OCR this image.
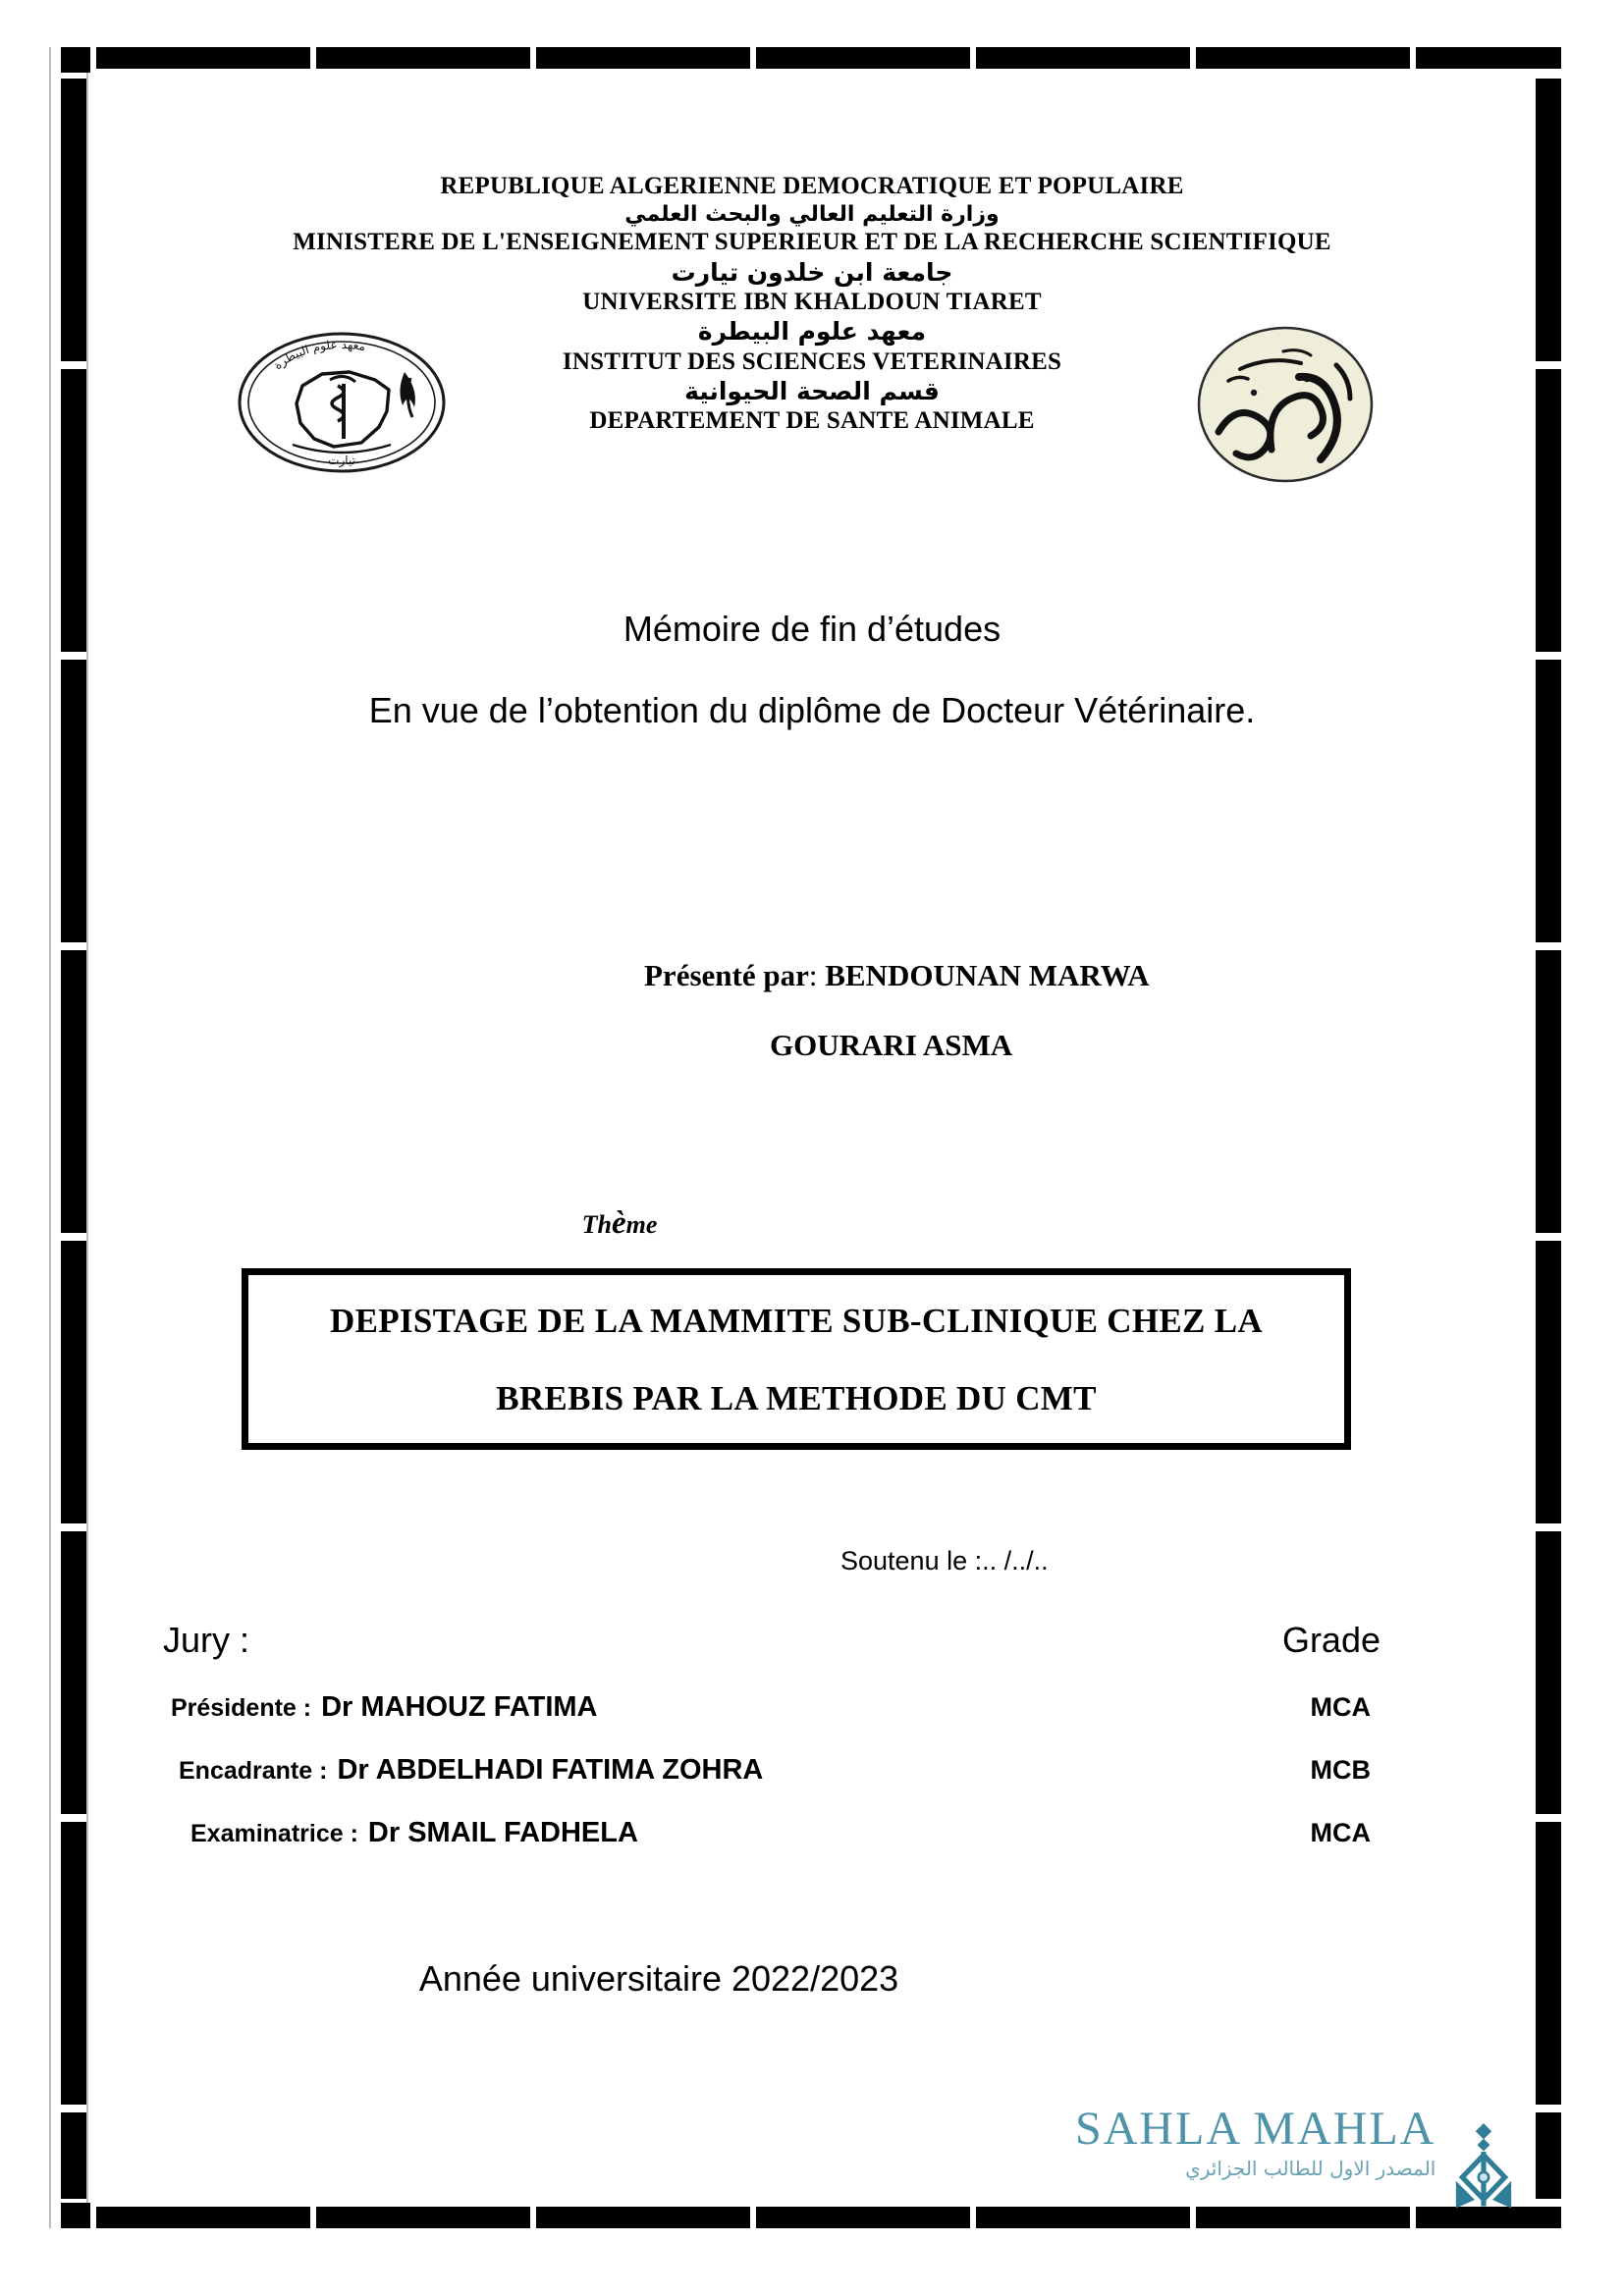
REPUBLIQUE ALGERIENNE DEMOCRATIQUE ET POPULAIRE
وزارة التعليم العالي والبحث العلمي
MINISTERE DE L'ENSEIGNEMENT SUPERIEUR ET DE LA RECHERCHE SCIENTIFIQUE
جامعة ابن خلدون تيارت
UNIVERSITE IBN KHALDOUN TIARET
معهد علوم البيطرة
INSTITUT DES SCIENCES VETERINAIRES
قسم الصحة الحيوانية
DEPARTEMENT DE SANTE ANIMALE
معهد علوم البيطرة
تيارت
Mémoire de fin d’études
En vue de l’obtention du diplôme de Docteur Vétérinaire.
Présenté par: BENDOUNAN MARWA
GOURARI ASMA
Thème
DEPISTAGE DE LA MAMMITE SUB-CLINIQUE CHEZ LA
BREBIS PAR LA METHODE DU CMT
Soutenu le :.. /../..
Jury :	Grade
Présidente : Dr MAHOUZ FATIMA	MCA
Encadrante : Dr ABDELHADI FATIMA ZOHRA	MCB
Examinatrice : Dr SMAIL FADHELA	MCA
Année universitaire 2022/2023
SAHLA MAHLA
المصدر الاول للطالب الجزائري
